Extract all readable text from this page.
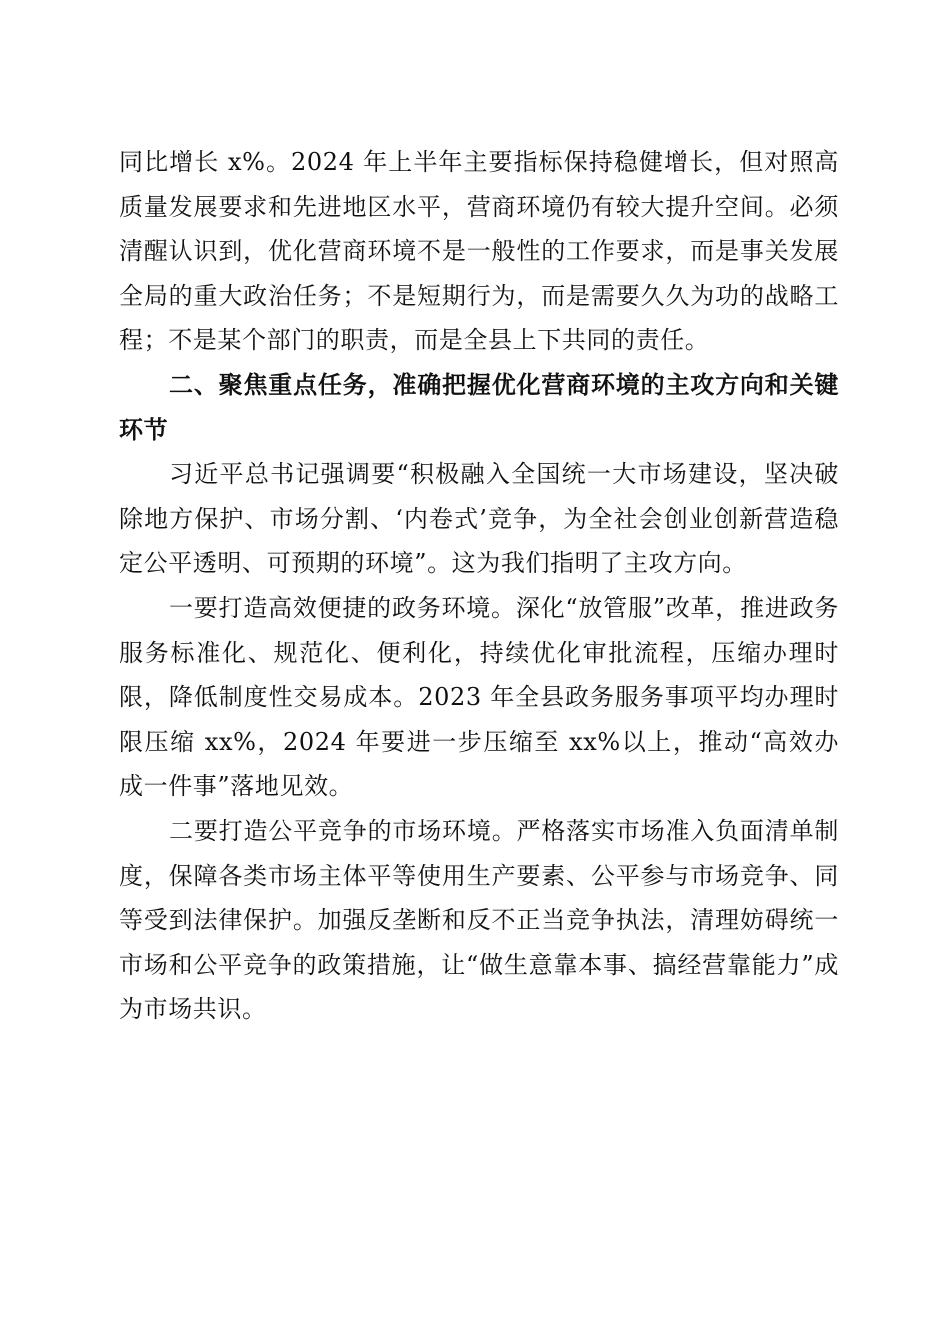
同比增长 x%。2024 年上半年主要指标保持稳健增长，但对照高质量发展要求和先进地区水平，营商环境仍有较大提升空间。必须清醒认识到，优化营商环境不是一般性的工作要求，而是事关发展全局的重大政治任务；不是短期行为，而是需要久久为功的战略工程；不是某个部门的职责，而是全县上下共同的责任。

二、聚焦重点任务，准确把握优化营商环境的主攻方向和关键环节

习近平总书记强调要“积极融入全国统一大市场建设，坚决破除地方保护、市场分割、‘内卷式’竞争，为全社会创业创新营造稳定公平透明、可预期的环境”。这为我们指明了主攻方向。

一要打造高效便捷的政务环境。深化“放管服”改革，推进政务服务标准化、规范化、便利化，持续优化审批流程，压缩办理时限，降低制度性交易成本。2023 年全县政务服务事项平均办理时限压缩 xx%，2024 年要进一步压缩至 xx%以上，推动“高效办成一件事”落地见效。

二要打造公平竞争的市场环境。严格落实市场准入负面清单制度，保障各类市场主体平等使用生产要素、公平参与市场竞争、同等受到法律保护。加强反垄断和反不正当竞争执法，清理妨碍统一市场和公平竞争的政策措施，让“做生意靠本事、搞经营靠能力”成为市场共识。
